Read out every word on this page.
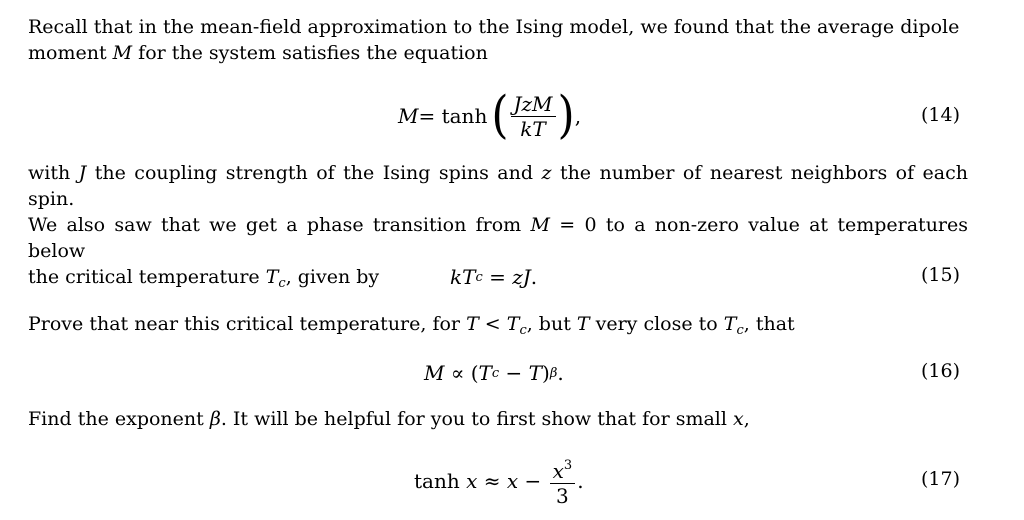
Recall that in the mean-field approximation to the Ising model, we found that the average dipole
moment M for the system satisfies the equation
M = tanh ( $\frac{\text{JzM}}{kT}$ ) ,	(14)
with J the coupling strength of the Ising spins and z the number of nearest neighbors of each spin.
We also saw that we get a phase transition from M = 0 to a non-zero value at temperatures below
the critical temperature $T_c$, given by	k T c = zJ .	(15)
Prove that near this critical temperature, for $T < T_c$, but T very close to $T_c$, that
M ∝ ( T c − T ) β .	(16)
Find the exponent β. It will be helpful for you to first show that for small x,
$\tanh x \approx x - \frac{x^3}{3}$ .	(17)
